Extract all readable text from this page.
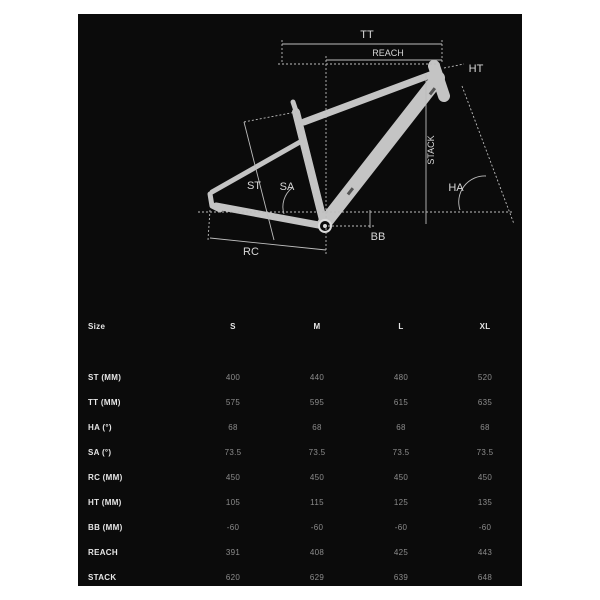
TT
REACH
HT
ST SA
STACK
HA
RC
BB
Size	S	M	L	XL
ST (MM)	400	440	480	520
TT (MM)	575	595	615	635
HA (°)	68	68	68	68
SA (°)	73.5	73.5	73.5	73.5
RC (MM)	450	450	450	450
HT (MM)	105	115	125	135
BB (MM)	-60	-60	-60	-60
REACH	391	408	425	443
STACK	620	629	639	648
